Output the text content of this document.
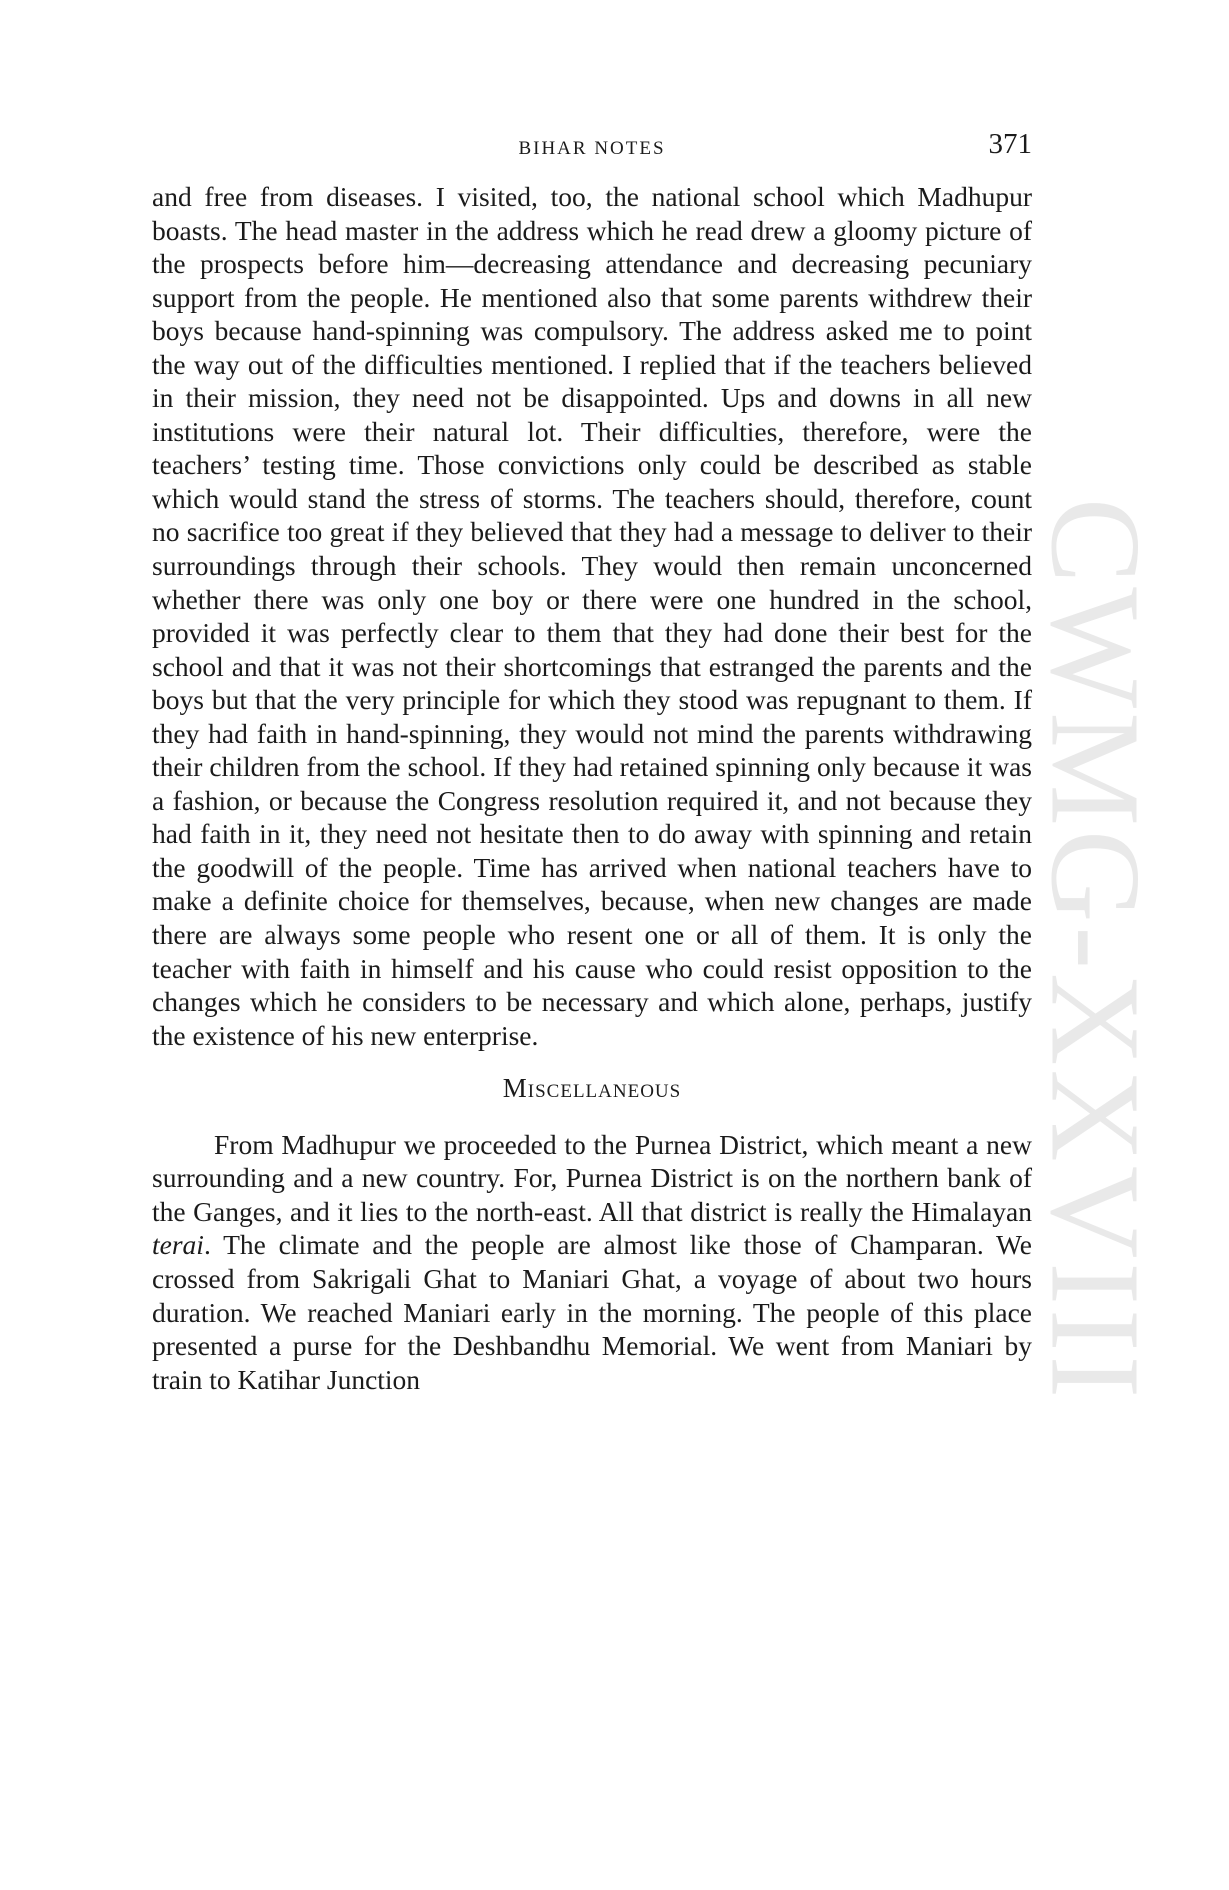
CWMG-XXVIII
BIHAR NOTES	371

and free from diseases. I visited, too, the national school which Madhupur boasts. The head master in the address which he read drew a gloomy picture of the prospects before him—decreasing attendance and decreasing pecuniary support from the people. He mentioned also that some parents withdrew their boys because hand-spinning was compulsory. The address asked me to point the way out of the difficulties mentioned. I replied that if the teachers believed in their mission, they need not be disappointed. Ups and downs in all new institutions were their natural lot. Their difficulties, therefore, were the teachers’ testing time. Those convictions only could be described as stable which would stand the stress of storms. The teachers should, therefore, count no sacrifice too great if they believed that they had a message to deliver to their surroundings through their schools. They would then remain unconcerned whether there was only one boy or there were one hundred in the school, provided it was perfectly clear to them that they had done their best for the school and that it was not their shortcomings that estranged the parents and the boys but that the very principle for which they stood was repugnant to them. If they had faith in hand-spinning, they would not mind the parents withdrawing their children from the school. If they had retained spinning only because it was a fashion, or because the Congress resolution required it, and not because they had faith in it, they need not hesitate then to do away with spinning and retain the goodwill of the people. Time has arrived when national teachers have to make a definite choice for themselves, because, when new changes are made there are always some people who resent one or all of them. It is only the teacher with faith in himself and his cause who could resist opposition to the changes which he considers to be necessary and which alone, perhaps, justify the existence of his new enterprise.

Miscellaneous

From Madhupur we proceeded to the Purnea District, which meant a new surrounding and a new country. For, Purnea District is on the northern bank of the Ganges, and it lies to the north-east. All that district is really the Himalayan terai. The climate and the people are almost like those of Champaran. We crossed from Sakrigali Ghat to Maniari Ghat, a voyage of about two hours duration. We reached Maniari early in the morning. The people of this place presented a purse for the Deshbandhu Memorial. We went from Maniari by train to Katihar Junction
